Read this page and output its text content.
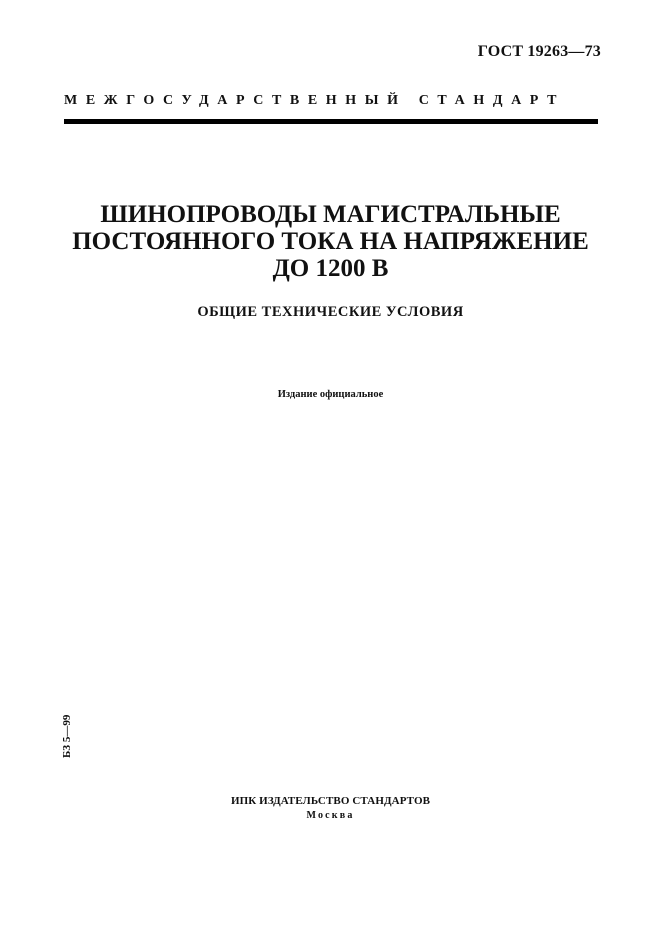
ГОСТ 19263—73
МЕЖГОСУДАРСТВЕННЫЙ СТАНДАРТ
ШИНОПРОВОДЫ МАГИСТРАЛЬНЫЕ
ПОСТОЯННОГО ТОКА НА НАПРЯЖЕНИЕ
ДО 1200 В
ОБЩИЕ ТЕХНИЧЕСКИЕ УСЛОВИЯ
Издание официальное
БЗ 5—99
ИПК ИЗДАТЕЛЬСТВО СТАНДАРТОВ
Москва
